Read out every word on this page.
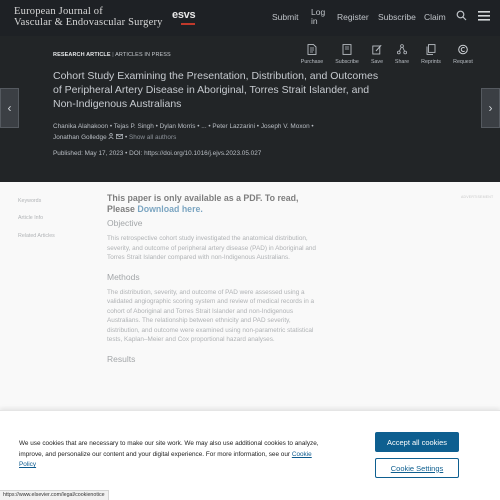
European Journal of
Vascular & Endovascular Surgery
esvs	Submit Log
in	Register Subscribe Claim
‹	›
RESEARCH ARTICLE | ARTICLES IN PRESS
Cohort Study Examining the Presentation, Distribution, and Outcomes of Peripheral Artery Disease in Aboriginal, Torres Strait Islander, and Non-Indigenous Australians
Chanika Alahakoon • Tejas P. Singh • Dylan Morris • ... • Peter Lazzarini • Joseph V. Moxon •
Jonathan Golledge	• Show all authors
Published: May 17, 2023 • DOI: https://doi.org/10.1016/j.ejvs.2023.05.027
Purchase	Subscribe	Save	Share	Reprints	Request
Keywords
Article Info
Related Articles
ADVERTISEMENT
This paper is only available as a PDF. To read,
Please Download here.
Objective
This retrospective cohort study investigated the anatomical distribution, severity, and outcome of peripheral artery disease (PAD) in Aboriginal and Torres Strait Islander compared with non-Indigenous Australians.
Methods
The distribution, severity, and outcome of PAD were assessed using a validated angiographic scoring system and review of medical records in a cohort of Aboriginal and Torres Strait Islander and non-Indigenous Australians. The relationship between ethnicity and PAD severity, distribution, and outcome were examined using non-parametric statistical tests, Kaplan–Meier and Cox proportional hazard analyses.
Results
We use cookies that are necessary to make our site work. We may also use additional cookies to analyze, improve, and personalize our content and your digital experience. For more information, see our Cookie Policy
Accept all cookies
Cookie Settings
https://www.elsevier.com/legal/cookienotice
